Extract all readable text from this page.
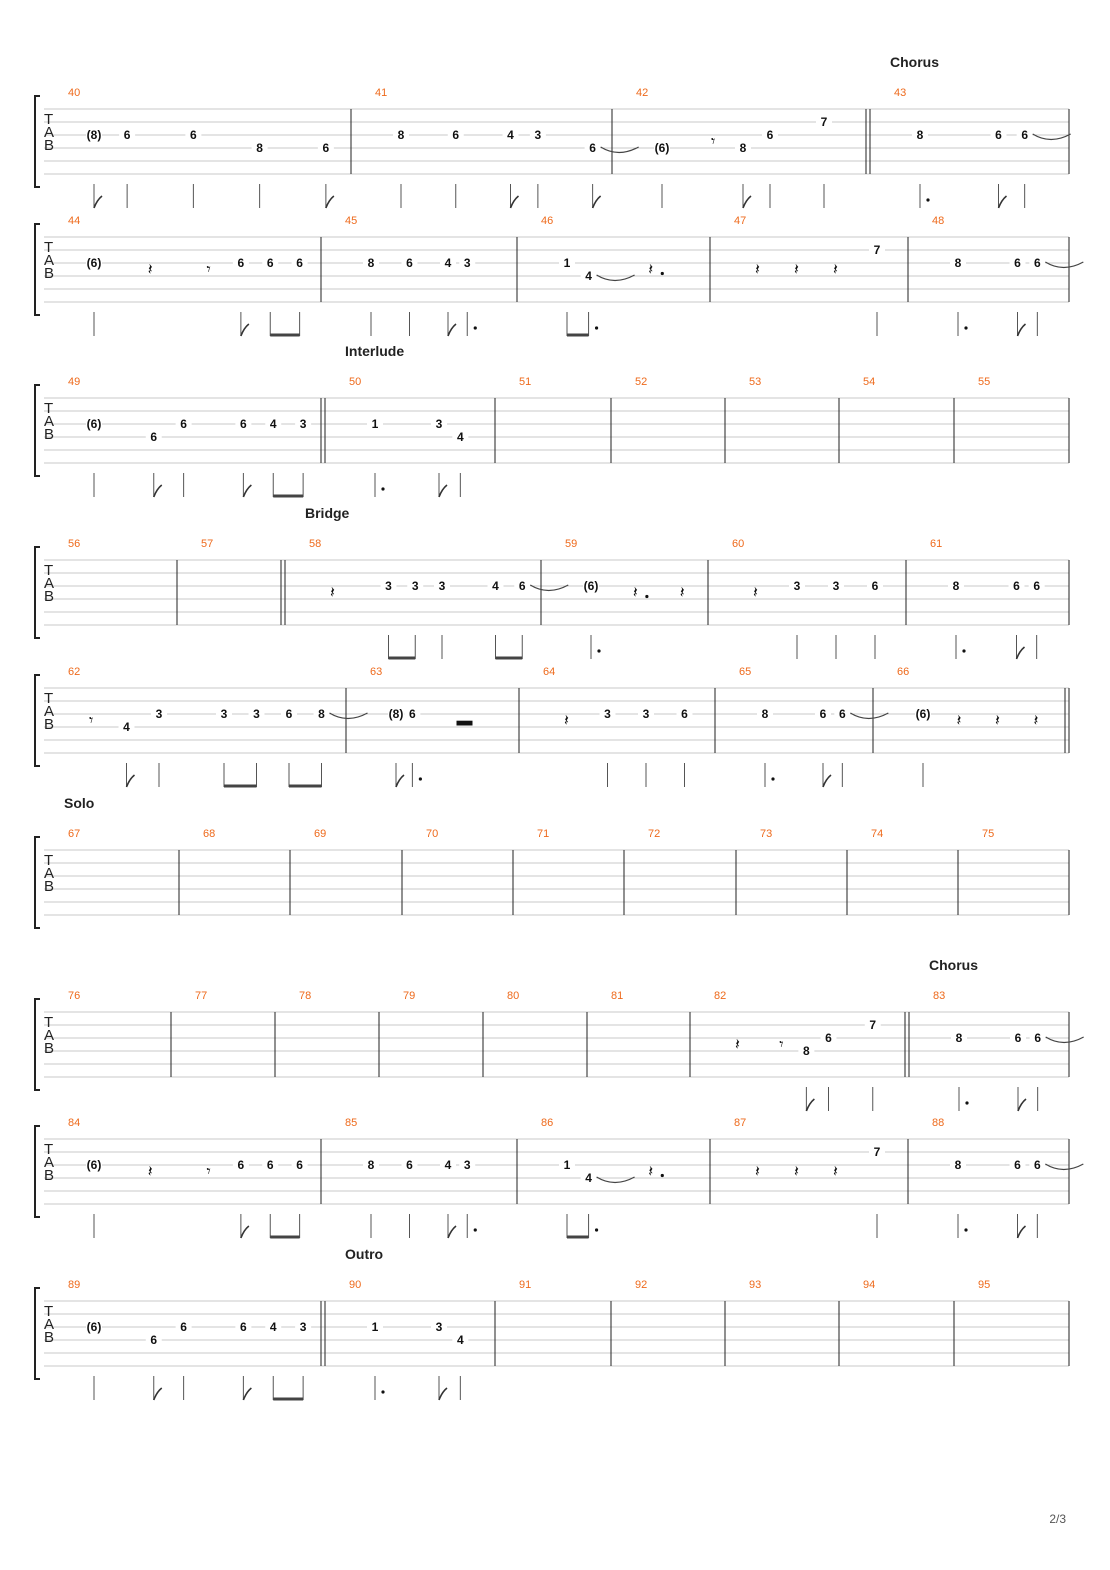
T
A
B
40
(8) 6	6
8	6
41
8	6	4 3
6
42
(6)	𝄾 8
6
7
43
Chorus
8	6 6
T
A
B
44
(6)	𝄽	𝄾 6 6 6
45
8	6	4 3
46
1
4	𝄽
47
𝄽 𝄽 𝄽
7
48
8	6 6
T
A
B
49
(6)
6
6	6 4 3
50
Interlude
1	3
4
51	52	53	54	55
T
A
B
56	57	58
Bridge
𝄽	3 3 3	4 6
59
(6) 𝄽	𝄽
60
𝄽	3	3	6
61
8	6 6
T
A
B
62
𝄾 4
3	3 3 6 8
63
(8) 6	▬
64
𝄽	3	3	6
65
8	6 6
66
(6) 𝄽 𝄽 𝄽
T
A
B
67
Solo
68	69	70	71	72	73	74	75
T
A
B
76	77	78	79	80	81	82
𝄽 𝄾 8
6
7
83
Chorus
8	6 6
T
A
B
84
(6)	𝄽	𝄾 6 6 6
85
8	6	4 3
86
1
4	𝄽
87
𝄽 𝄽 𝄽
7
88
8	6 6
T
A
B
89
(6)
6
6	6 4 3
90
Outro
1	3
4
91	92	93	94	95
2/3
